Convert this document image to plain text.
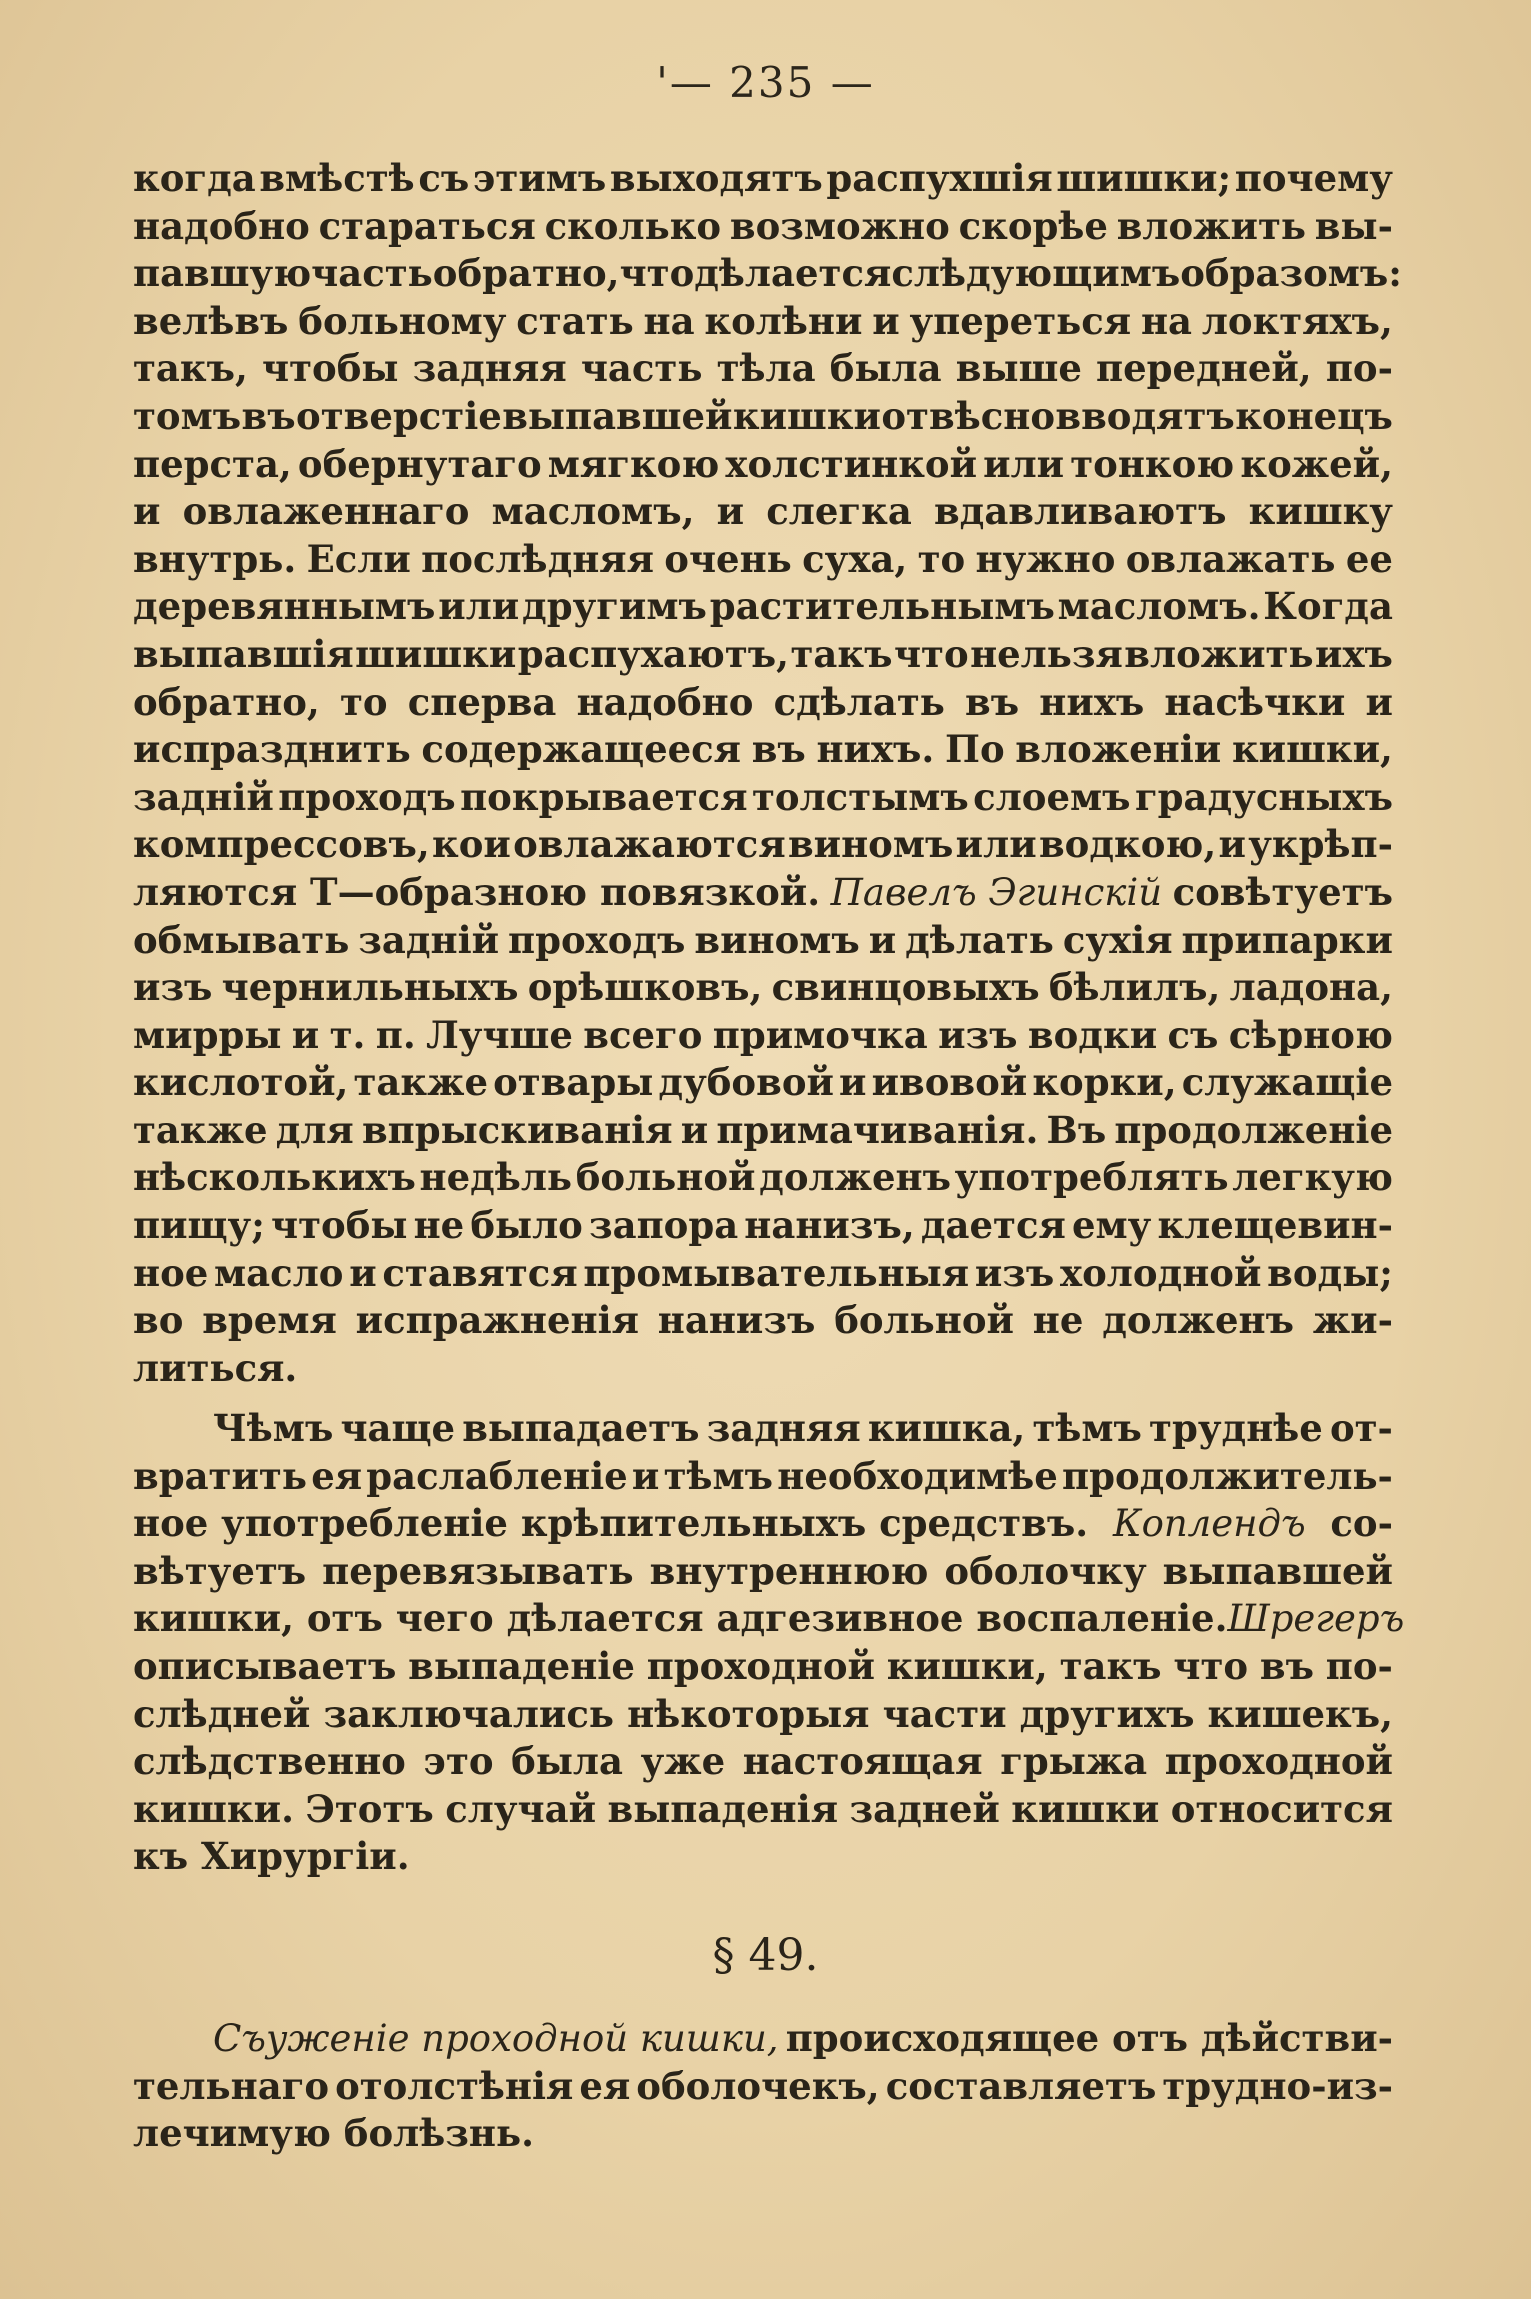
'— 235 —
когда вмѣстѣ съ этимъ выходятъ распухшія шишки; почему
надобно стараться сколько возможно скорѣе вложить вы-
павшую часть обратно, что дѣлается слѣдующимъ образомъ:
велѣвъ больному стать на колѣни и упереться на локтяхъ,
такъ, чтобы задняя часть тѣла была выше передней, по-
томъ въ отверстіе выпавшей кишки отвѣсно вводятъ конецъ
перста, обернутаго мягкою холстинкой или тонкою кожей,
и овлаженнаго масломъ, и слегка вдавливаютъ кишку
внутрь. Если послѣдняя очень суха, то нужно овлажать ее
деревяннымъ или другимъ растительнымъ масломъ. Когда
выпавшія шишки распухаютъ, такъ что нельзя вложить ихъ
обратно, то сперва надобно сдѣлать въ нихъ насѣчки и
испразднить содержащееся въ нихъ. По вложеніи кишки,
заднiй проходъ покрывается толстымъ слоемъ градусныхъ
компрессовъ, кои овлажаются виномъ или водкою, и укрѣп-
ляются Т—образною повязкой. Павелъ Эгинскій совѣтуетъ
обмывать заднiй проходъ виномъ и дѣлать сухія припарки
изъ чернильныхъ орѣшковъ, свинцовыхъ бѣлилъ, ладона,
мирры и т. п. Лучше всего примочка изъ водки съ сѣрною
кислотой, также отвары дубовой и ивовой корки, служащіе
также для впрыскиванія и примачиванія. Въ продолженіе
нѣсколькихъ недѣль больной долженъ употреблять легкую
пищу; чтобы не было запора нанизъ, дается ему клещевин-
ное масло и ставятся промывательныя изъ холодной воды;
во время испражненія нанизъ больной не долженъ жи-
литься.
Чѣмъ чаще выпадаетъ задняя кишка, тѣмъ труднѣе от-
вратить ея раслабленіе и тѣмъ необходимѣе продолжитель-
ное употребленіе крѣпительныхъ средствъ. Коплендъ со-
вѣтуетъ перевязывать внутреннюю оболочку выпавшей
кишки, отъ чего дѣлается адгезивное воспаленіе. Шрегеръ
описываетъ выпаденіе проходной кишки, такъ что въ по-
слѣдней заключались нѣкоторыя части другихъ кишекъ,
слѣдственно это была уже настоящая грыжа проходной
кишки. Этотъ случай выпаденія задней кишки относится
къ Хирургіи.
§ 49.
Съуженіе проходной кишки, происходящее отъ дѣйстви-
тельнаго отолстѣнія ея оболочекъ, составляетъ трудно-из-
лечимую болѣзнь.
